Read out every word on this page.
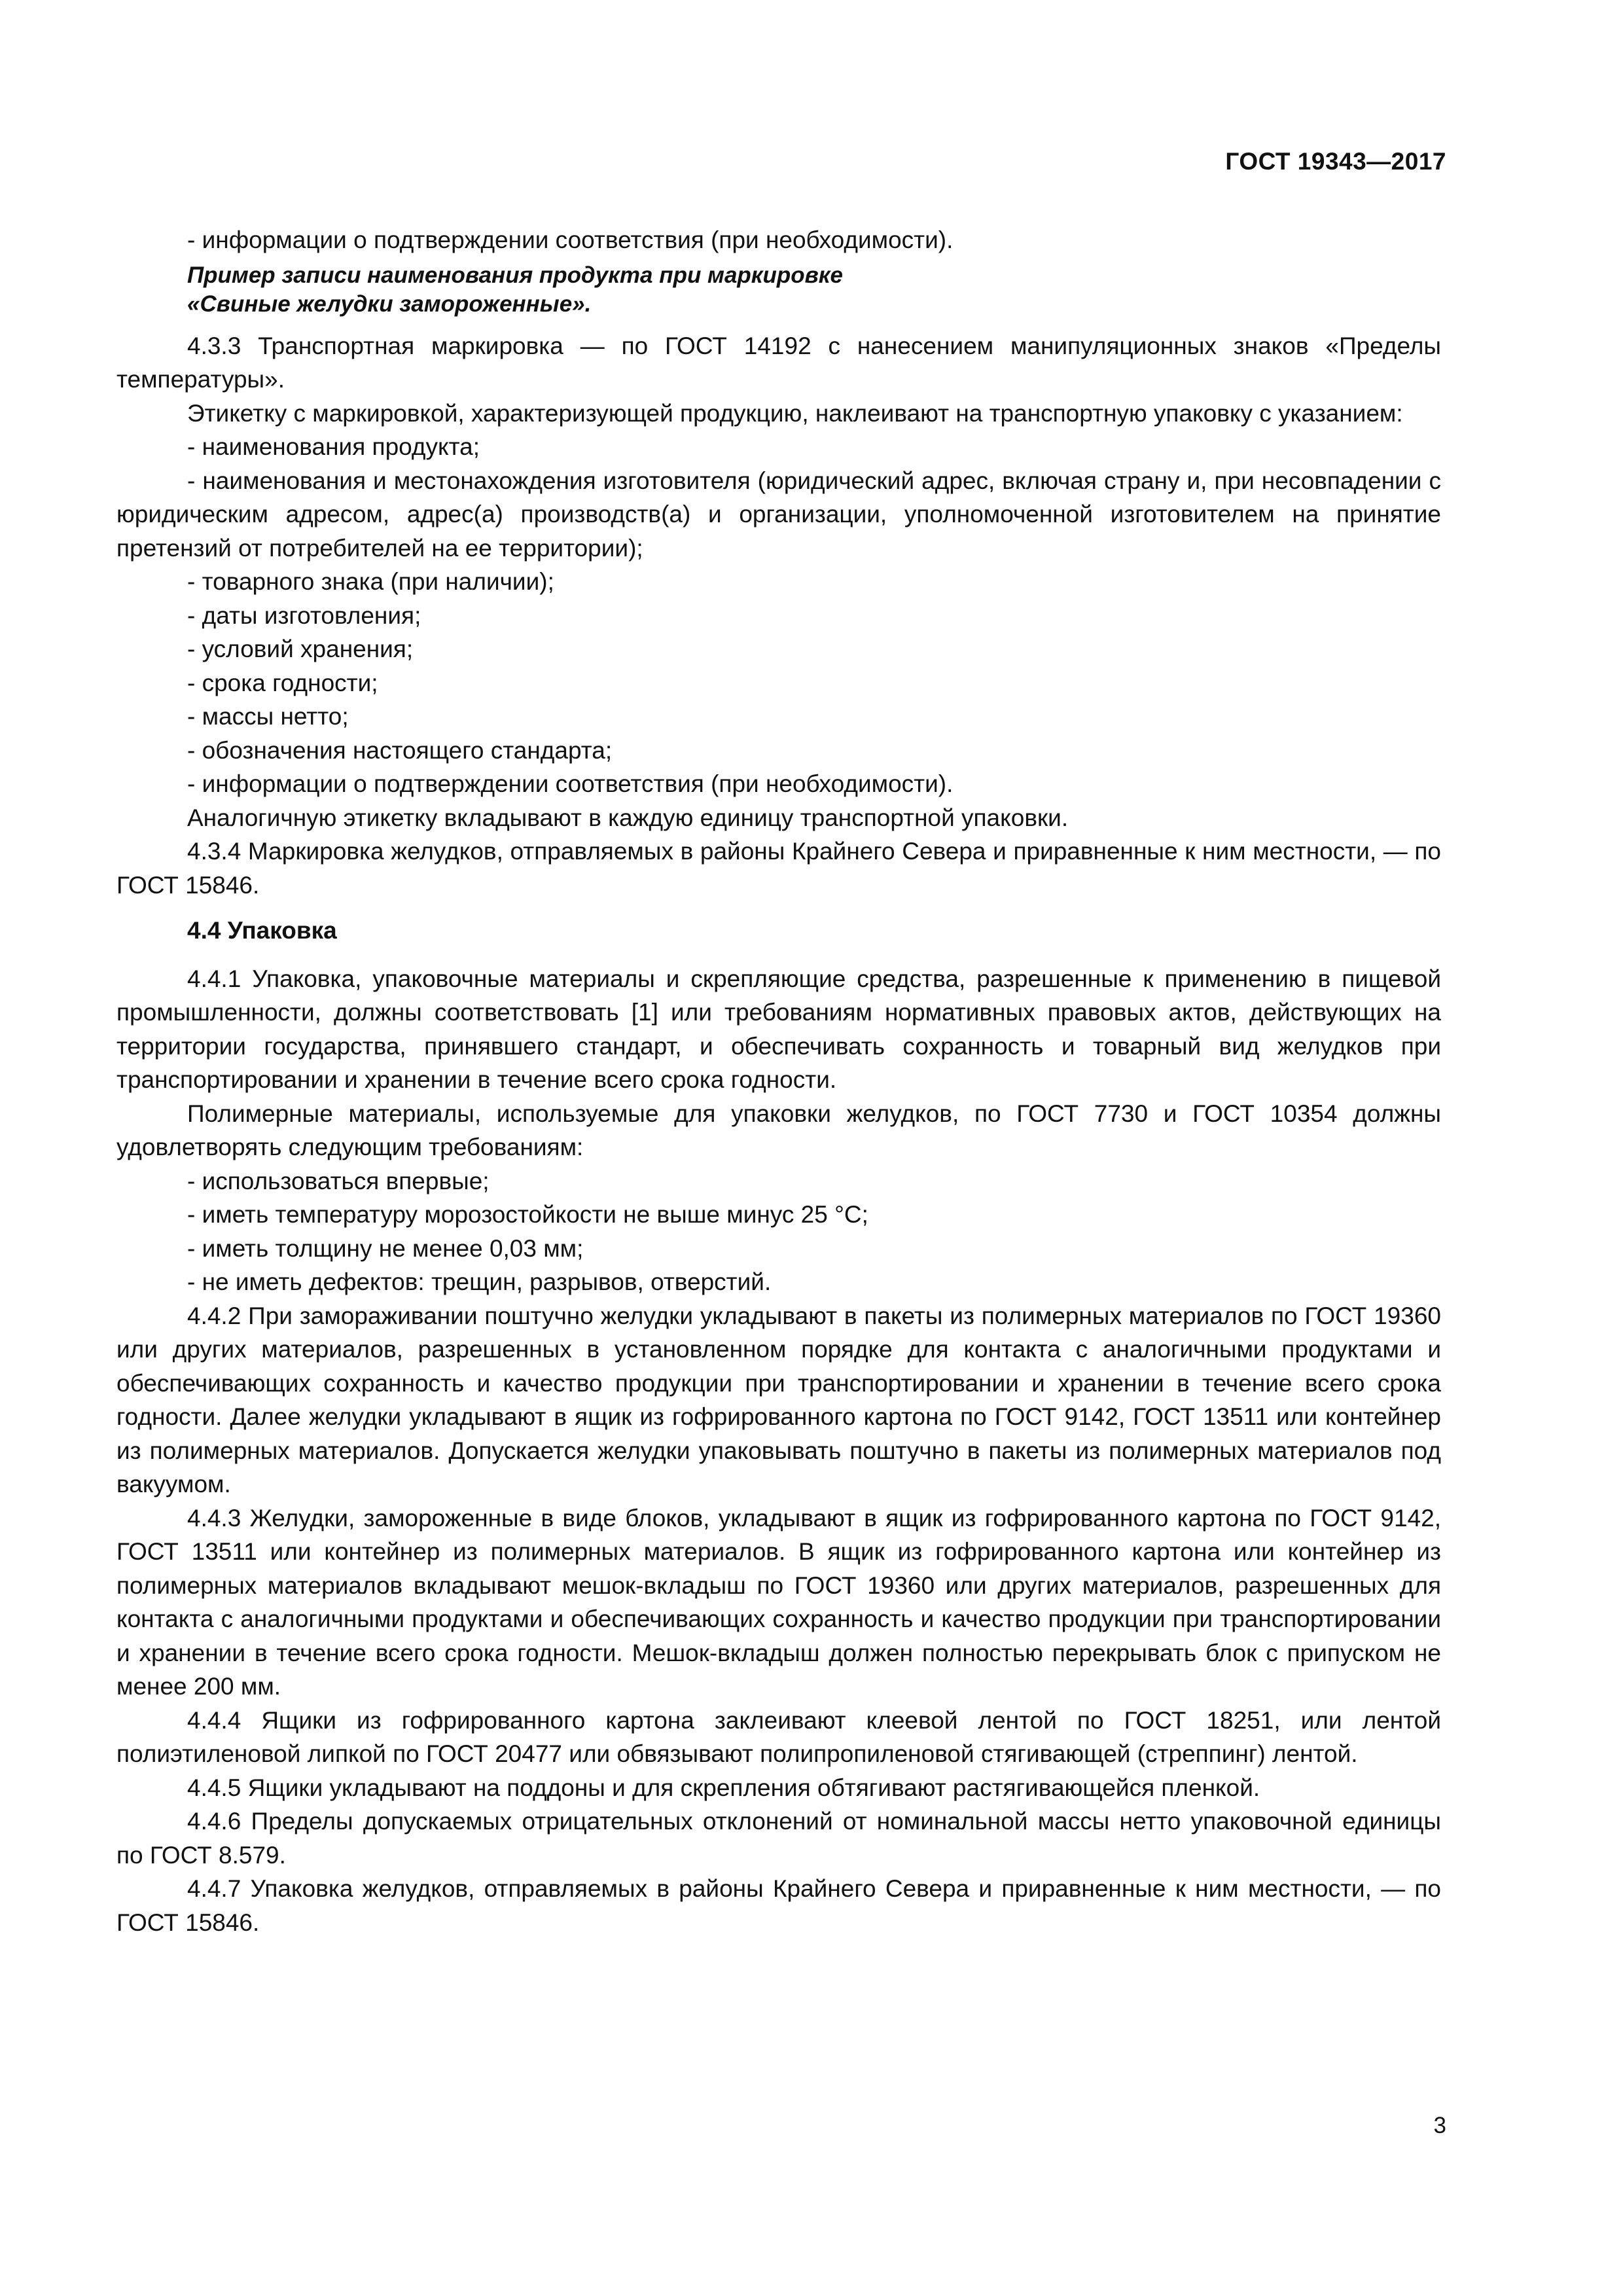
ГОСТ 19343—2017

- информации о подтверждении соответствия (при необходимости).

Пример записи наименования продукта при маркировке
«Свиные желудки замороженные».

4.3.3 Транспортная маркировка — по ГОСТ 14192 с нанесением манипуляционных знаков «Пределы температуры».

Этикетку с маркировкой, характеризующей продукцию, наклеивают на транспортную упаковку с указанием:

- наименования продукта;

- наименования и местонахождения изготовителя (юридический адрес, включая страну и, при несовпадении с юридическим адресом, адрес(а) производств(а) и организации, уполномоченной изготовителем на принятие претензий от потребителей на ее территории);

- товарного знака (при наличии);

- даты изготовления;

- условий хранения;

- срока годности;

- массы нетто;

- обозначения настоящего стандарта;

- информации о подтверждении соответствия (при необходимости).

Аналогичную этикетку вкладывают в каждую единицу транспортной упаковки.

4.3.4 Маркировка желудков, отправляемых в районы Крайнего Севера и приравненные к ним местности, — по ГОСТ 15846.

4.4 Упаковка

4.4.1 Упаковка, упаковочные материалы и скрепляющие средства, разрешенные к применению в пищевой промышленности, должны соответствовать [1] или требованиям нормативных правовых актов, действующих на территории государства, принявшего стандарт, и обеспечивать сохранность и товарный вид желудков при транспортировании и хранении в течение всего срока годности.

Полимерные материалы, используемые для упаковки желудков, по ГОСТ 7730 и ГОСТ 10354 должны удовлетворять следующим требованиям:

- использоваться впервые;

- иметь температуру морозостойкости не выше минус 25 °С;

- иметь толщину не менее 0,03 мм;

- не иметь дефектов: трещин, разрывов, отверстий.

4.4.2 При замораживании поштучно желудки укладывают в пакеты из полимерных материалов по ГОСТ 19360 или других материалов, разрешенных в установленном порядке для контакта с аналогичными продуктами и обеспечивающих сохранность и качество продукции при транспортировании и хранении в течение всего срока годности. Далее желудки укладывают в ящик из гофрированного картона по ГОСТ 9142, ГОСТ 13511 или контейнер из полимерных материалов. Допускается желудки упаковывать поштучно в пакеты из полимерных материалов под вакуумом.

4.4.3 Желудки, замороженные в виде блоков, укладывают в ящик из гофрированного картона по ГОСТ 9142, ГОСТ 13511 или контейнер из полимерных материалов. В ящик из гофрированного картона или контейнер из полимерных материалов вкладывают мешок-вкладыш по ГОСТ 19360 или других материалов, разрешенных для контакта с аналогичными продуктами и обеспечивающих сохранность и качество продукции при транспортировании и хранении в течение всего срока годности. Мешок-вкладыш должен полностью перекрывать блок с припуском не менее 200 мм.

4.4.4 Ящики из гофрированного картона заклеивают клеевой лентой по ГОСТ 18251, или лентой полиэтиленовой липкой по ГОСТ 20477 или обвязывают полипропиленовой стягивающей (стреппинг) лентой.

4.4.5 Ящики укладывают на поддоны и для скрепления обтягивают растягивающейся пленкой.

4.4.6 Пределы допускаемых отрицательных отклонений от номинальной массы нетто упаковочной единицы по ГОСТ 8.579.

4.4.7 Упаковка желудков, отправляемых в районы Крайнего Севера и приравненные к ним местности, — по ГОСТ 15846.

3
